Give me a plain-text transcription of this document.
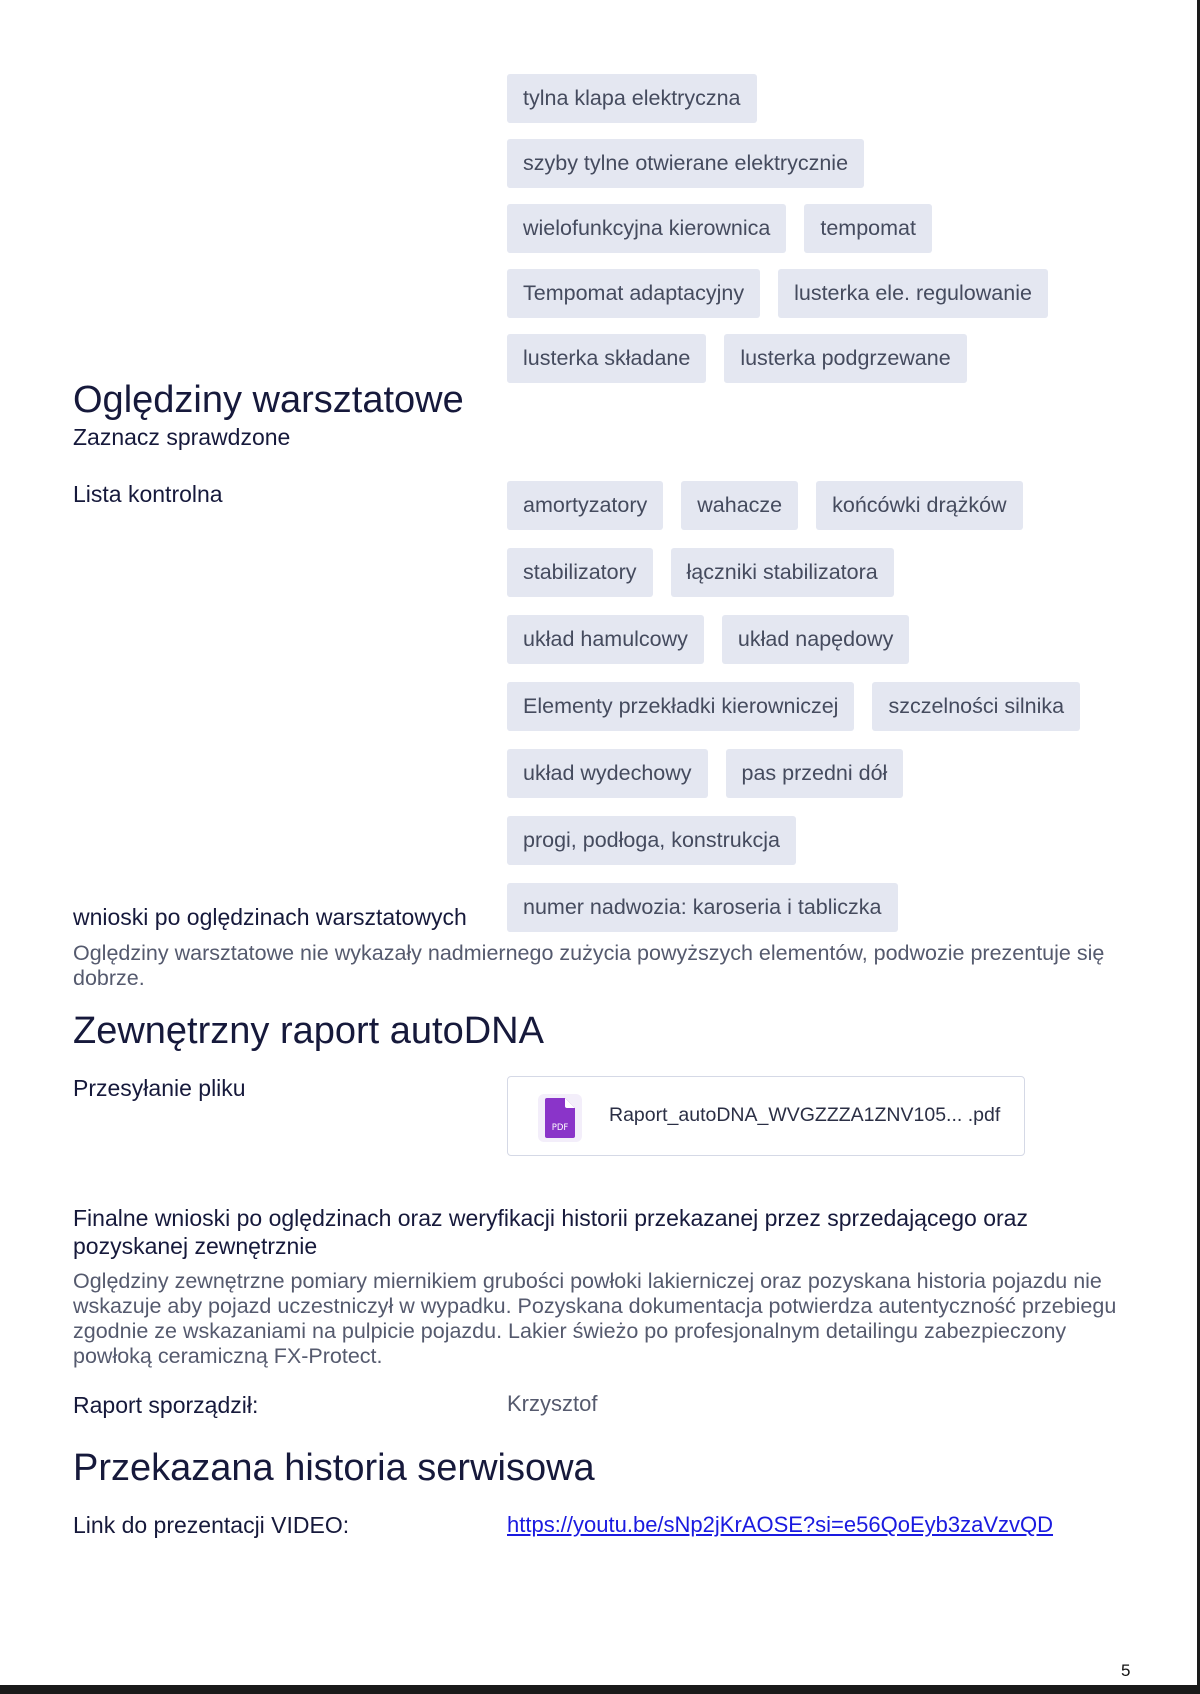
tylna klapa elektryczna
szyby tylne otwierane elektrycznie
wielofunkcyjna kierownica	tempomat
Tempomat adaptacyjny	lusterka ele. regulowanie
lusterka składane	lusterka podgrzewane
Oględziny warsztatowe
Zaznacz sprawdzone
Lista kontrolna	amortyzatory	wahacze	końcówki drążków
stabilizatory	łączniki stabilizatora
układ hamulcowy	układ napędowy
Elementy przekładki kierowniczej	szczelności silnika
układ wydechowy	pas przedni dół
progi, podłoga, konstrukcja
numer nadwozia: karoseria i tabliczka
wnioski po oględzinach warsztatowych
Oględziny warsztatowe nie wykazały nadmiernego zużycia powyższych elementów, podwozie prezentuje się dobrze.
Zewnętrzny raport autoDNA
Przesyłanie pliku
PDF
Raport_autoDNA_WVGZZZA1ZNV105... .pdf
Finalne wnioski po oględzinach oraz weryfikacji historii przekazanej przez sprzedającego oraz pozyskanej zewnętrznie
Oględziny zewnętrzne pomiary miernikiem grubości powłoki lakierniczej oraz pozyskana historia pojazdu nie wskazuje aby pojazd uczestniczył w wypadku. Pozyskana dokumentacja potwierdza autentyczność przebiegu zgodnie ze wskazaniami na pulpicie pojazdu. Lakier świeżo po profesjonalnym detailingu zabezpieczony powłoką ceramiczną FX-Protect.
Raport sporządził:	Krzysztof
Przekazana historia serwisowa
Link do prezentacji VIDEO:	https://youtu.be/sNp2jKrAOSE?si=e56QoEyb3zaVzvQD
otomoto	5
